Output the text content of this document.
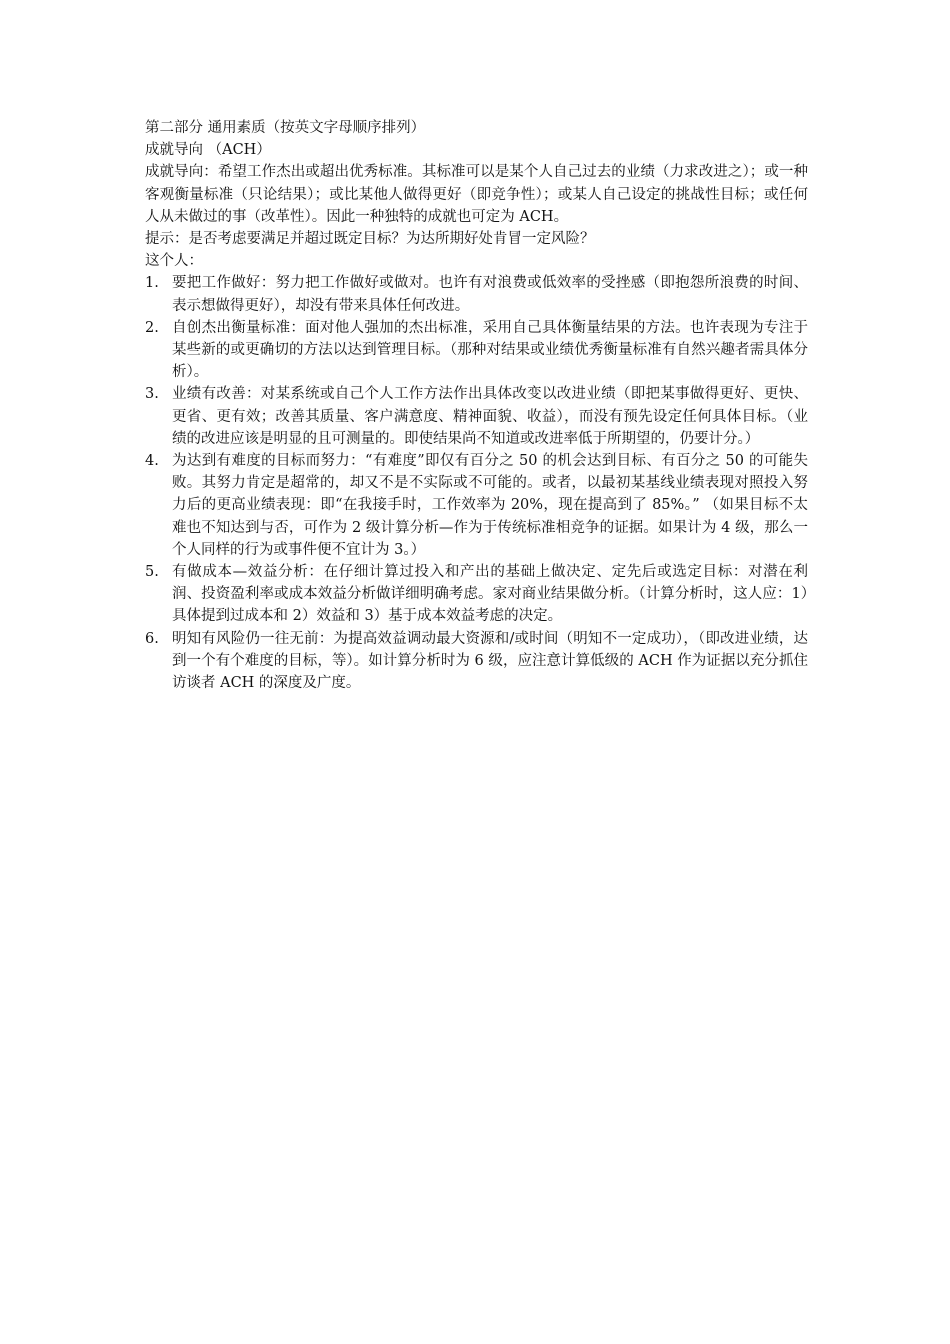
第二部分 通用素质（按英文字母顺序排列）

成就导向 （ACH）

成就导向：希望工作杰出或超出优秀标准。其标准可以是某个人自己过去的业绩（力求改进之）；或一种客观衡量标准（只论结果）；或比某他人做得更好（即竞争性）；或某人自己设定的挑战性目标；或任何人从未做过的事（改革性）。因此一种独特的成就也可定为 ACH。

提示：是否考虑要满足并超过既定目标？为达所期好处肯冒一定风险？

这个人：

1. 要把工作做好：努力把工作做好或做对。也许有对浪费或低效率的受挫感（即抱怨所浪费的时间、表示想做得更好），却没有带来具体任何改进。
2. 自创杰出衡量标准：面对他人强加的杰出标准，采用自己具体衡量结果的方法。也许表现为专注于某些新的或更确切的方法以达到管理目标。（那种对结果或业绩优秀衡量标准有自然兴趣者需具体分析）。
3. 业绩有改善：对某系统或自己个人工作方法作出具体改变以改进业绩（即把某事做得更好、更快、更省、更有效；改善其质量、客户满意度、精神面貌、收益），而没有预先设定任何具体目标。（业绩的改进应该是明显的且可测量的。即使结果尚不知道或改进率低于所期望的，仍要计分。）
4. 为达到有难度的目标而努力：“有难度”即仅有百分之 50 的机会达到目标、有百分之 50 的可能失败。其努力肯定是超常的，却又不是不实际或不可能的。或者，以最初某基线业绩表现对照投入努力后的更高业绩表现：即“在我接手时，工作效率为 20%，现在提高到了 85%。” （如果目标不太难也不知达到与否，可作为 2 级计算分析—作为于传统标准相竞争的证据。如果计为 4 级，那么一个人同样的行为或事件便不宜计为 3。）
5. 有做成本—效益分析：在仔细计算过投入和产出的基础上做决定、定先后或选定目标：对潜在利润、投资盈利率或成本效益分析做详细明确考虑。家对商业结果做分析。（计算分析时，这人应：1）具体提到过成本和 2）效益和 3）基于成本效益考虑的决定。
6. 明知有风险仍一往无前：为提高效益调动最大资源和/或时间（明知不一定成功），（即改进业绩，达到一个有个难度的目标，等）。如计算分析时为 6 级，应注意计算低级的 ACH 作为证据以充分抓住访谈者 ACH 的深度及广度。
